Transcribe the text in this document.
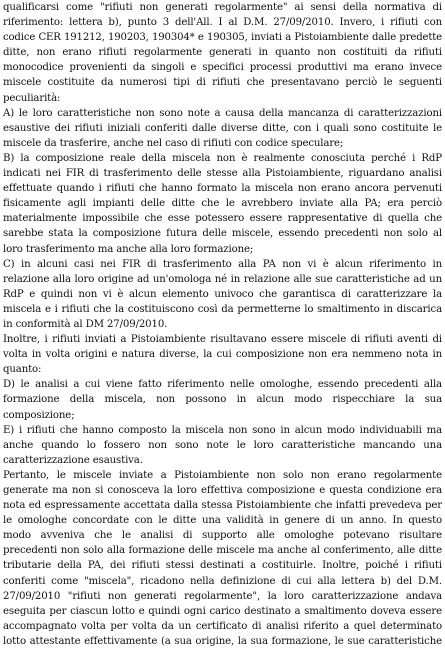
qualificarsi come "rifiuti non generati regolarmente" ai sensi della normativa di
riferimento: lettera b), punto 3 dell'All. I al D.M. 27/09/2010. Invero, i rifiuti con
codice CER 191212, 190203, 190304* e 190305, inviati a Pistoiambiente dalle predette
ditte, non erano rifiuti regolarmente generati in quanto non costituiti da rifiuti
monocodice provenienti da singoli e specifici processi produttivi ma erano invece
miscele costituite da numerosi tipi di rifiuti che presentavano perciò le seguenti
peculiarità:
A) le loro caratteristiche non sono note a causa della mancanza di caratterizzazioni
esaustive dei rifiuti iniziali conferiti dalle diverse ditte, con i quali sono costituite le
miscele da trasferire, anche nel caso di rifiuti con codice speculare;
B) la composizione reale della miscela non è realmente conosciuta perché i RdP
indicati nei FIR di trasferimento delle stesse alla Pistoiambiente, riguardano analisi
effettuate quando i rifiuti che hanno formato la miscela non erano ancora pervenuti
fisicamente agli impianti delle ditte che le avrebbero inviate alla PA; era perciò
materialmente impossibile che esse potessero essere rappresentative di quella che
sarebbe stata la composizione futura delle miscele, essendo precedenti non solo al
loro trasferimento ma anche alla loro formazione;
C) in alcuni casi nei FIR di trasferimento alla PA non vi è alcun riferimento in
relazione alla loro origine ad un'omologa né in relazione alle sue caratteristiche ad un
RdP e quindi non vi è alcun elemento univoco che garantisca di caratterizzare la
miscela e i rifiuti che la costituiscono così da permetterne lo smaltimento in discarica
in conformità al DM 27/09/2010.
Inoltre, i rifiuti inviati a Pistoiambiente risultavano essere miscele di rifiuti aventi di
volta in volta origini e natura diverse, la cui composizione non era nemmeno nota in
quanto:
D) le analisi a cui viene fatto riferimento nelle omologhe, essendo precedenti alla
formazione della miscela, non possono in alcun modo rispecchiare la sua
composizione;
E) i rifiuti che hanno composto la miscela non sono in alcun modo individuabili ma
anche quando lo fossero non sono note le loro caratteristiche mancando una
caratterizzazione esaustiva.
Pertanto, le miscele inviate a Pistoiambiente non solo non erano regolarmente
generate ma non si conosceva la loro effettiva composizione e questa condizione era
nota ed espressamente accettata dalla stessa Pistoiambiente che infatti prevedeva per
le omologhe concordate con le ditte una validità in genere di un anno. In questo
modo avveniva che le analisi di supporto alle omologhe potevano risultare
precedenti non solo alla formazione delle miscele ma anche al conferimento, alle ditte
tributarie della PA, dei rifiuti stessi destinati a costituirle. Inoltre, poiché i rifiuti
conferiti come "miscela", ricadono nella definizione di cui alla lettera b) del D.M.
27/09/2010 "rifiuti non generati regolarmente", la loro caratterizzazione andava
eseguita per ciascun lotto e quindi ogni carico destinato a smaltimento doveva essere
accompagnato volta per volta da un certificato di analisi riferito a quel determinato
lotto attestante effettivamente (a sua origine, la sua formazione, le sue caratteristiche
